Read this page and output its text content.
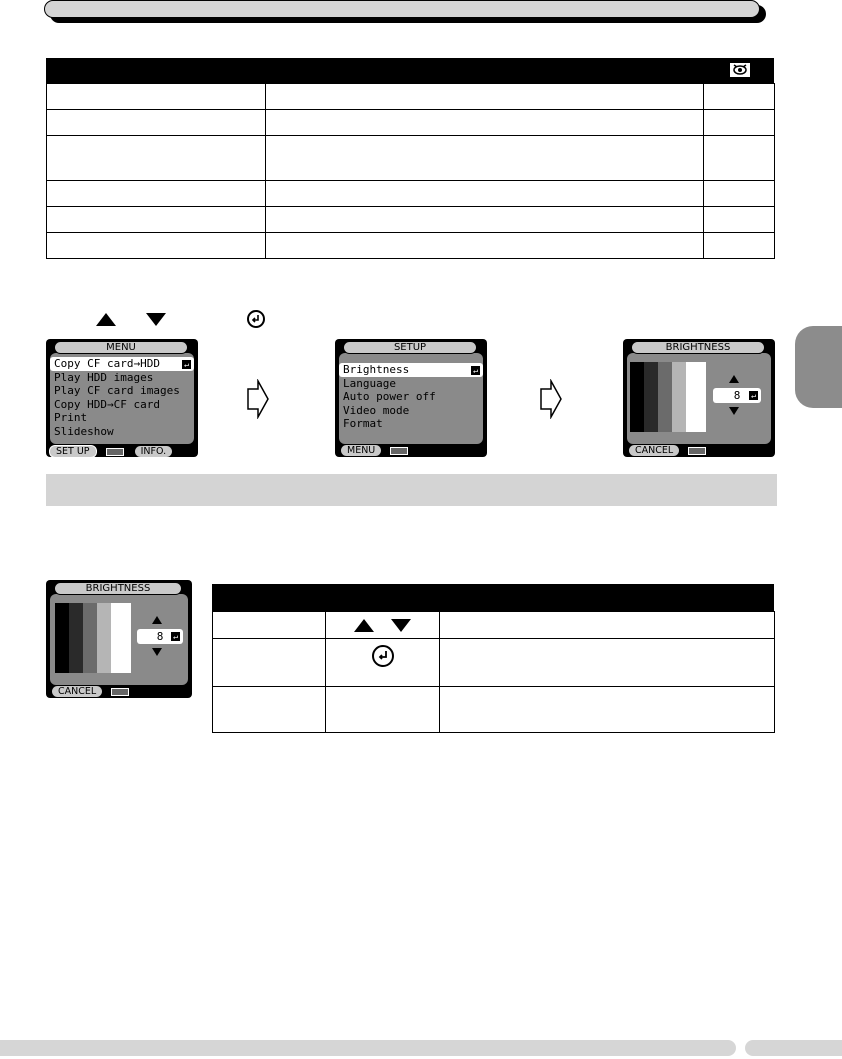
MENU
Copy CF card→HDD	↵
Play HDD images
Play CF card images
Copy HDD→CF card
Print
Slideshow
SET UP	INFO.
SETUP
Brightness	↵
Language
Auto power off
Video mode
Format
MENU
BRIGHTNESS
8	↵
CANCEL
BRIGHTNESS
8	↵
CANCEL
